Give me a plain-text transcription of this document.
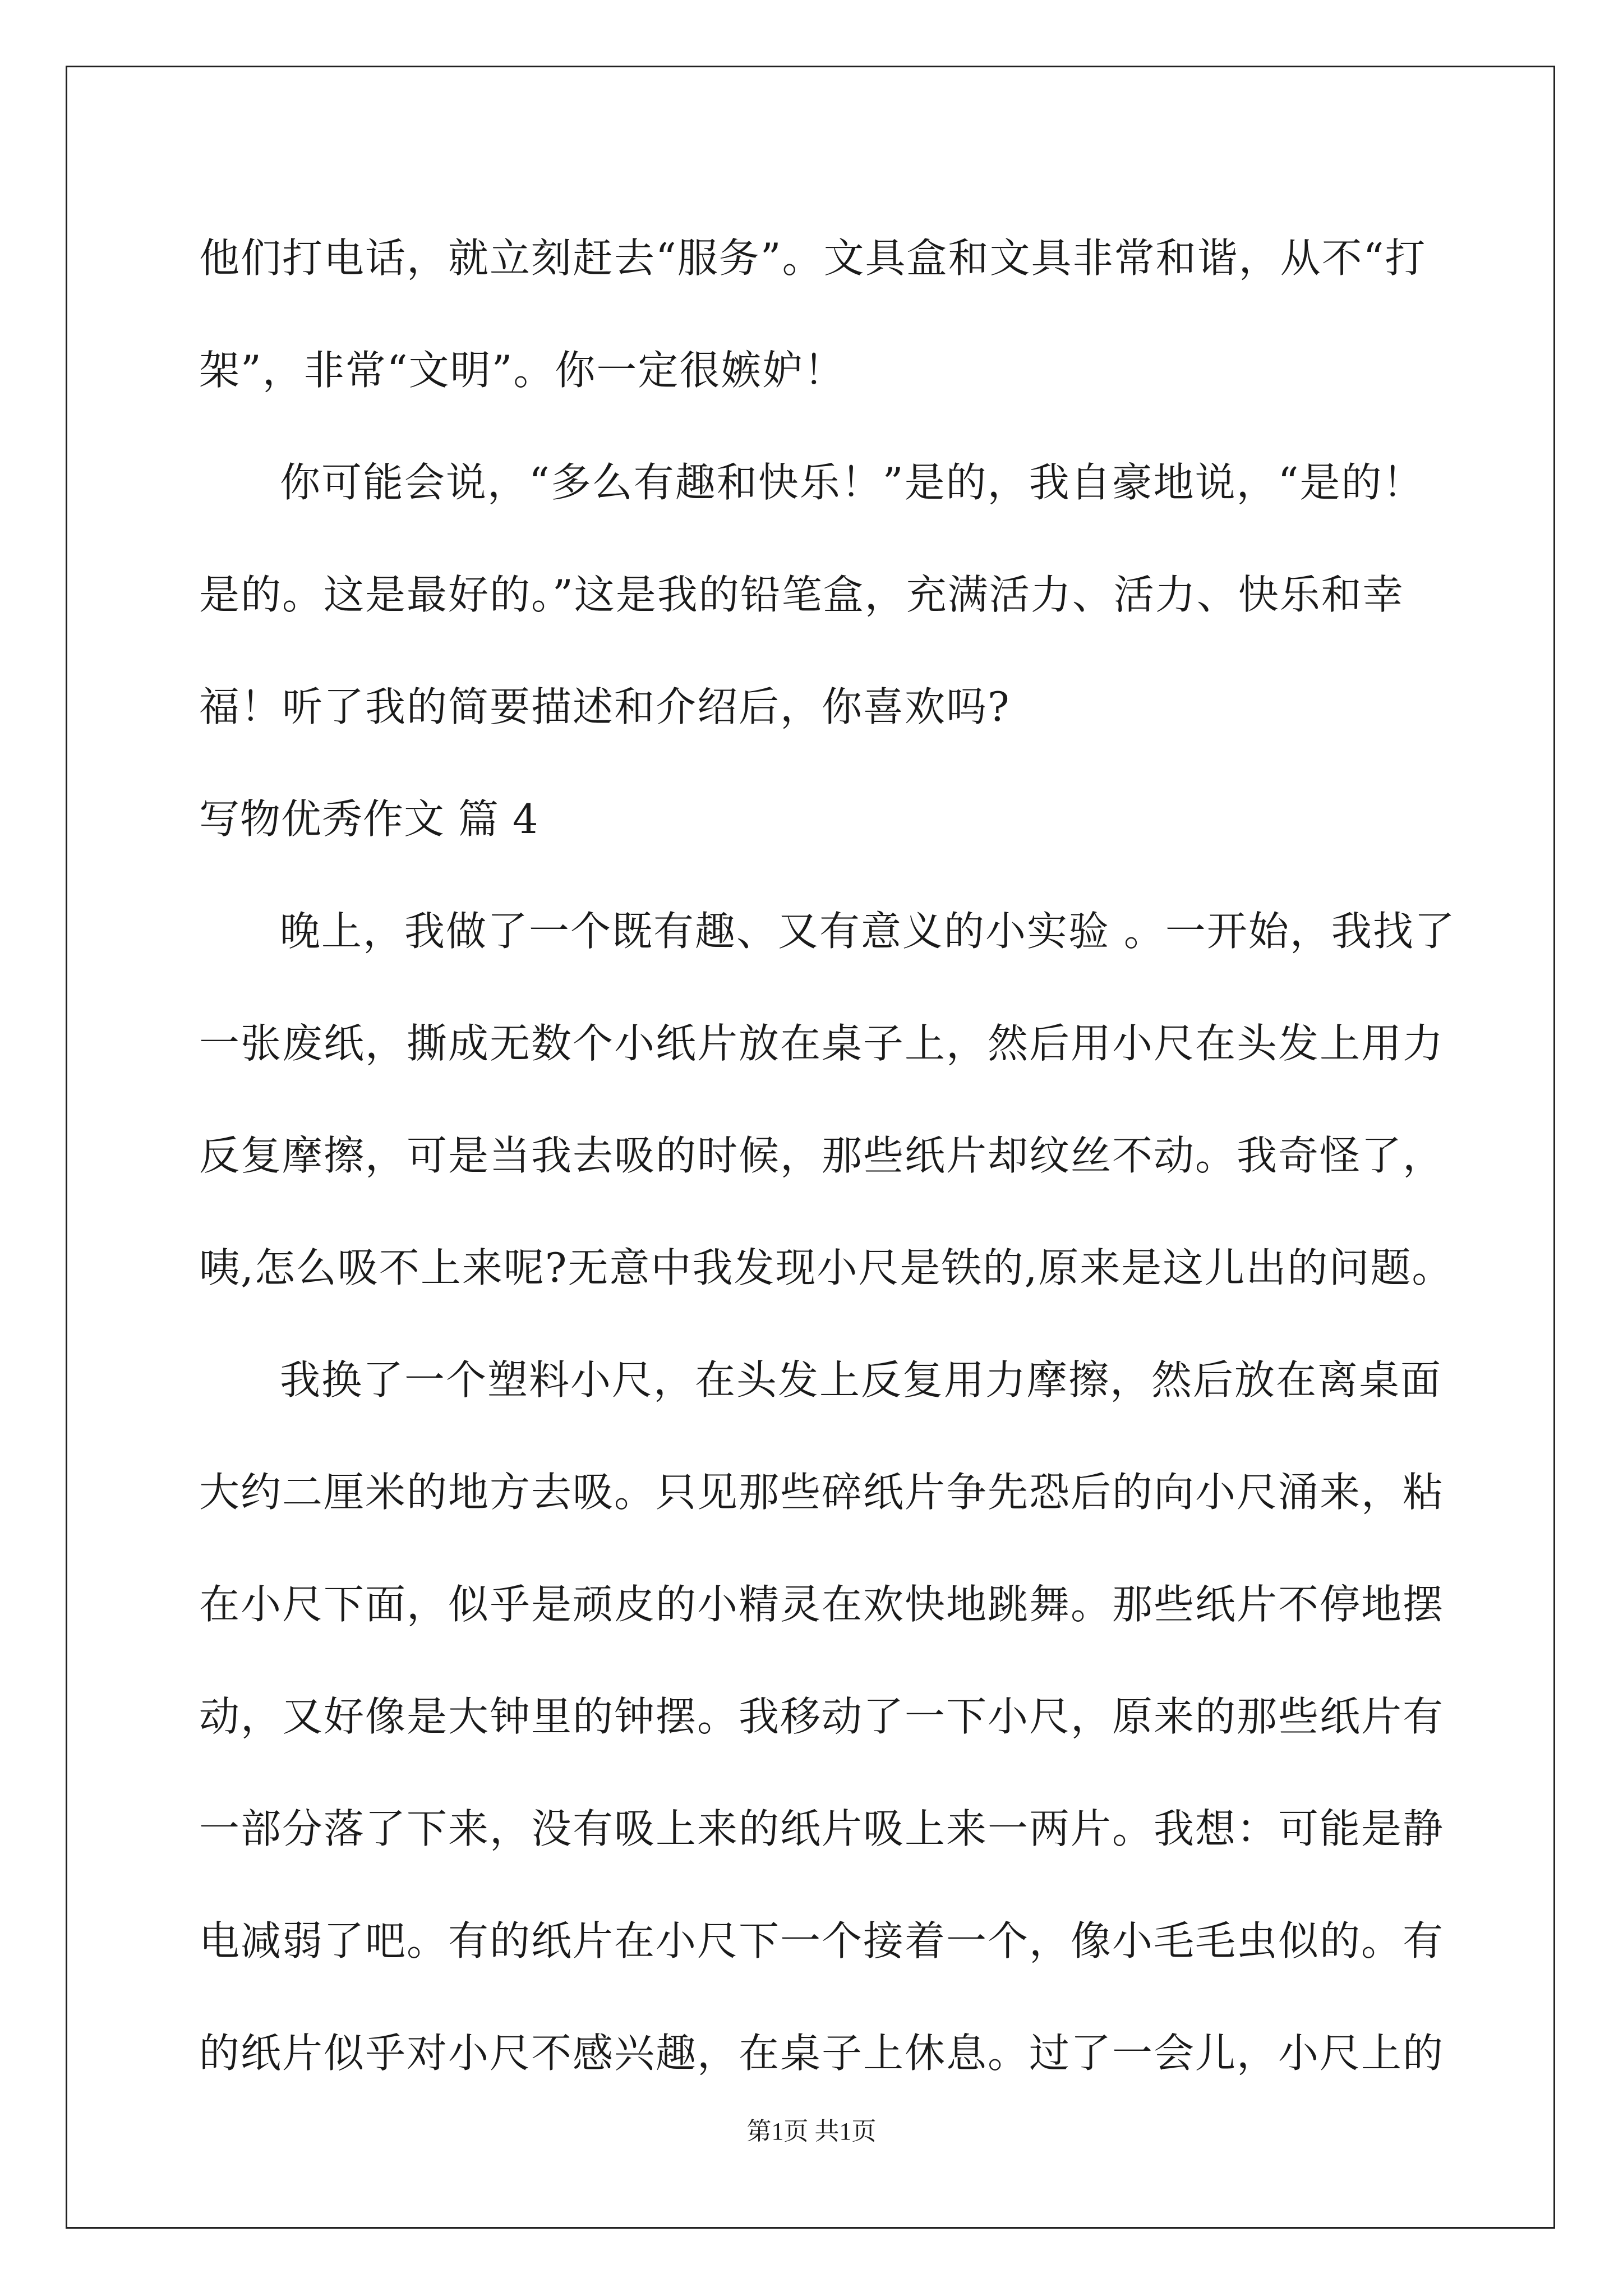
他们打电话，就立刻赶去“服务”。文具盒和文具非常和谐，从不“打
架”，非常“文明”。你一定很嫉妒！
你可能会说，“多么有趣和快乐！”是的，我自豪地说，“是的！
是的。这是最好的。”这是我的铅笔盒，充满活力、活力、快乐和幸
福！听了我的简要描述和介绍后，你喜欢吗?
写物优秀作文 篇 4
晚上，我做了一个既有趣、又有意义的小实验 。一开始，我找了
一张废纸，撕成无数个小纸片放在桌子上，然后用小尺在头发上用力
反复摩擦，可是当我去吸的时候，那些纸片却纹丝不动。我奇怪了，
咦,怎么吸不上来呢?无意中我发现小尺是铁的,原来是这儿出的问题。
我换了一个塑料小尺，在头发上反复用力摩擦，然后放在离桌面
大约二厘米的地方去吸。只见那些碎纸片争先恐后的向小尺涌来，粘
在小尺下面，似乎是顽皮的小精灵在欢快地跳舞。那些纸片不停地摆
动，又好像是大钟里的钟摆。我移动了一下小尺，原来的那些纸片有
一部分落了下来，没有吸上来的纸片吸上来一两片。我想：可能是静
电减弱了吧。有的纸片在小尺下一个接着一个，像小毛毛虫似的。有
的纸片似乎对小尺不感兴趣，在桌子上休息。过了一会儿，小尺上的
第1页 共1页
